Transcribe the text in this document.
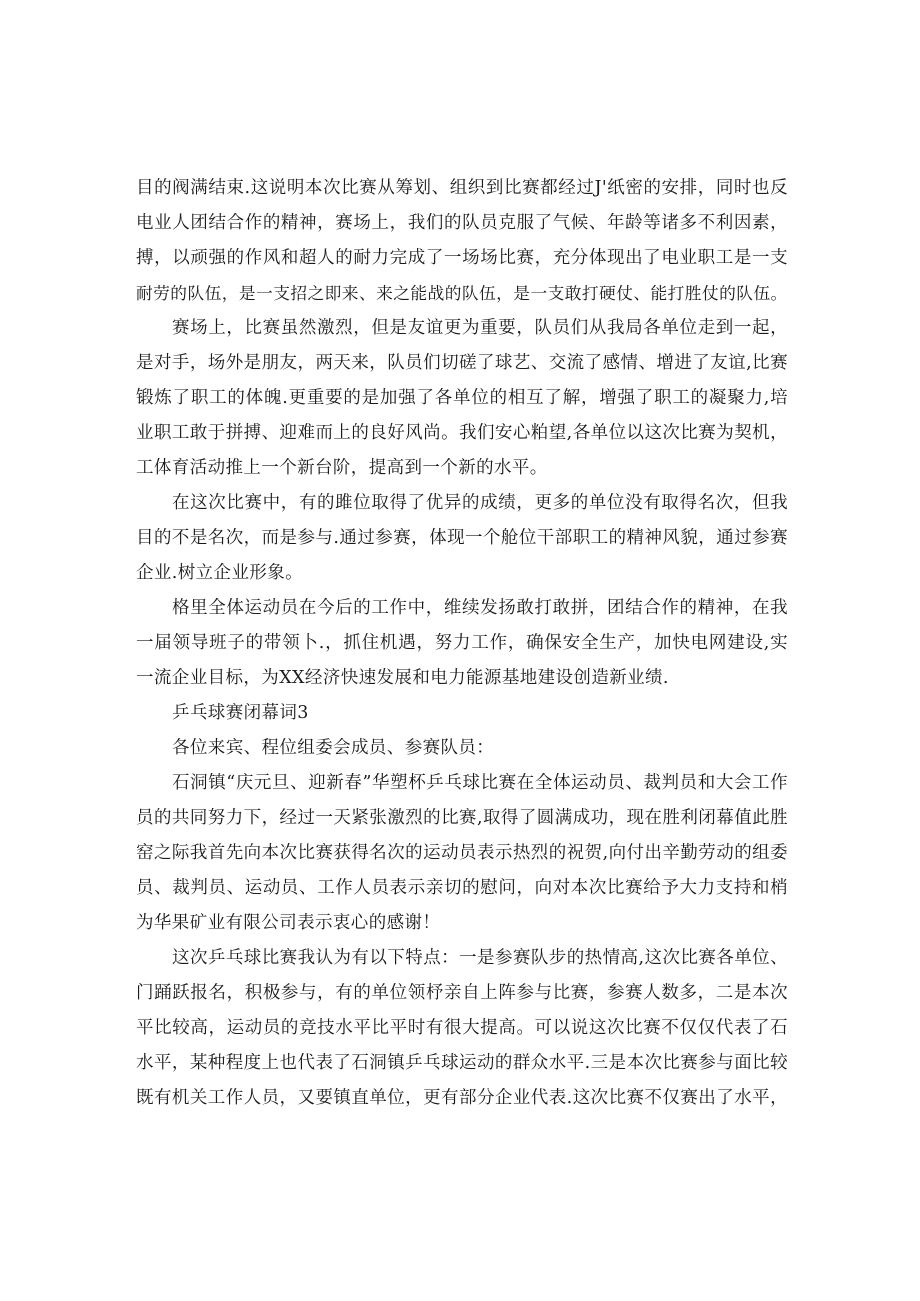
目的阀满结束.这说明本次比赛从筹划、组织到比赛都经过J'纸密的安排，同时也反
电业人团结合作的精神，赛场上，我们的队员克服了气候、年龄等诸多不利因素，
搏，以顽强的作风和超人的耐力完成了一场场比赛，充分体现出了电业职工是一支
耐劳的队伍，是一支招之即来、来之能战的队伍，是一支敢打硬仗、能打胜仗的队伍。
赛场上，比赛虽然激烈，但是友谊更为重要，队员们从我局各单位走到一起，
是对手，场外是朋友，两天来，队员们切磋了球艺、交流了感情、增进了友谊,比赛
锻炼了职工的体魄.更重要的是加强了各单位的相互了解，增强了职工的凝聚力,培
业职工敢于拼搏、迎难而上的良好风尚。我们安心粕望,各单位以这次比赛为契机，
工体育活动推上一个新台阶，提高到一个新的水平。
在这次比赛中，有的雎位取得了优异的成绩，更多的单位没有取得名次，但我
目的不是名次，而是参与.通过参赛，体现一个舱位干部职工的精神风貌，通过参赛
企业.树立企业形象。
格里全体运动员在今后的工作中，维续发扬敢打敢拼，团结合作的精神，在我
一届领导班子的带领卜.，抓住机遇，努力工作，确保安全生产，加快电网建设,实
一流企业目标，为XX经济快速发展和电力能源基地建设创造新业绩.
乒乓球赛闭幕词3
各位来宾、程位组委会成员、参赛队员：
石洞镇“庆元旦、迎新春”华塑杯乒乓球比赛在全体运动员、裁判员和大会工作
员的共同努力下，经过一天紧张激烈的比赛,取得了圆满成功，现在胜利闭幕值此胜
窑之际我首先向本次比赛获得名次的运动员表示热烈的祝贺,向付出辛勤劳动的组委
员、裁判员、运动员、工作人员表示亲切的慰问，向对本次比赛给予大力支持和梢
为华果矿业有限公司表示衷心的感谢！
这次乒乓球比赛我认为有以下特点：一是参赛队步的热情高,这次比赛各单位、
门踊跃报名，积极参与，有的单位领杼亲自上阵参与比赛，参赛人数多，二是本次
平比较高，运动员的竞技水平比平时有很大提高。可以说这次比赛不仅仅代表了石
水平，某种程度上也代表了石洞镇乒乓球运动的群众水平.三是本次比赛参与面比较
既有机关工作人员，又要镇直单位，更有部分企业代表.这次比赛不仅赛出了水平，
